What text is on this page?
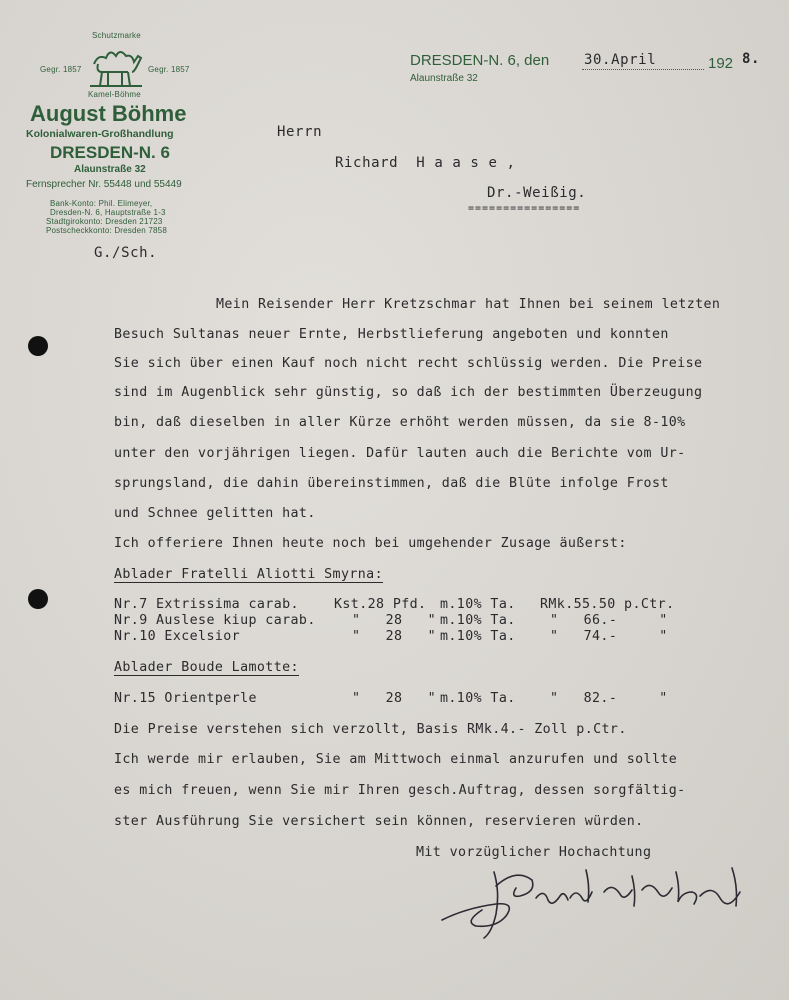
Schutzmarke
Gegr. 1857	Gegr. 1857
Kamel-Böhme
August Böhme
Kolonialwaren-Großhandlung
DRESDEN-N. 6
Alaunstraße 32
Fernsprecher Nr. 55448 und 55449
Bank-Konto: Phil. Elimeyer,
Dresden-N. 6, Hauptstraße 1-3
Stadtgirokonto: Dresden 21723
Postscheckkonto: Dresden 7858
DRESDEN-N. 6, den 30.April	192 8.
Alaunstraße 32
Herrn
Richard  H a a s e ,
Dr.-Weißig.
================
G./Sch.
Mein Reisender Herr Kretzschmar hat Ihnen bei seinem letzten
Besuch Sultanas neuer Ernte, Herbstlieferung angeboten und konnten
Sie sich über einen Kauf noch nicht recht schlüssig werden. Die Preise
sind im Augenblick sehr günstig, so daß ich der bestimmten Überzeugung
bin, daß dieselben in aller Kürze erhöht werden müssen, da sie 8-10%
unter den vorjährigen liegen. Dafür lauten auch die Berichte vom Ur-
sprungsland, die dahin übereinstimmen, daß die Blüte infolge Frost
und Schnee gelitten hat.
Ich offeriere Ihnen heute noch bei umgehender Zusage äußerst:
Ablader Fratelli Aliotti Smyrna:
Nr.7 Extrissima carab.	Kst.28 Pfd. m.10% Ta. RMk.55.50 p.Ctr.
Nr.9 Auslese kiup carab.	"   28   " m.10% Ta.	"   66.-     "
Nr.10 Excelsior	"   28   " m.10% Ta.	"   74.-     "
Ablader Boude Lamotte:
Nr.15 Orientperle	"   28   " m.10% Ta.	"   82.-     "
Die Preise verstehen sich verzollt, Basis RMk.4.- Zoll p.Ctr.
Ich werde mir erlauben, Sie am Mittwoch einmal anzurufen und sollte
es mich freuen, wenn Sie mir Ihren gesch.Auftrag, dessen sorgfältig-
ster Ausführung Sie versichert sein können, reservieren würden.
Mit vorzüglicher Hochachtung
